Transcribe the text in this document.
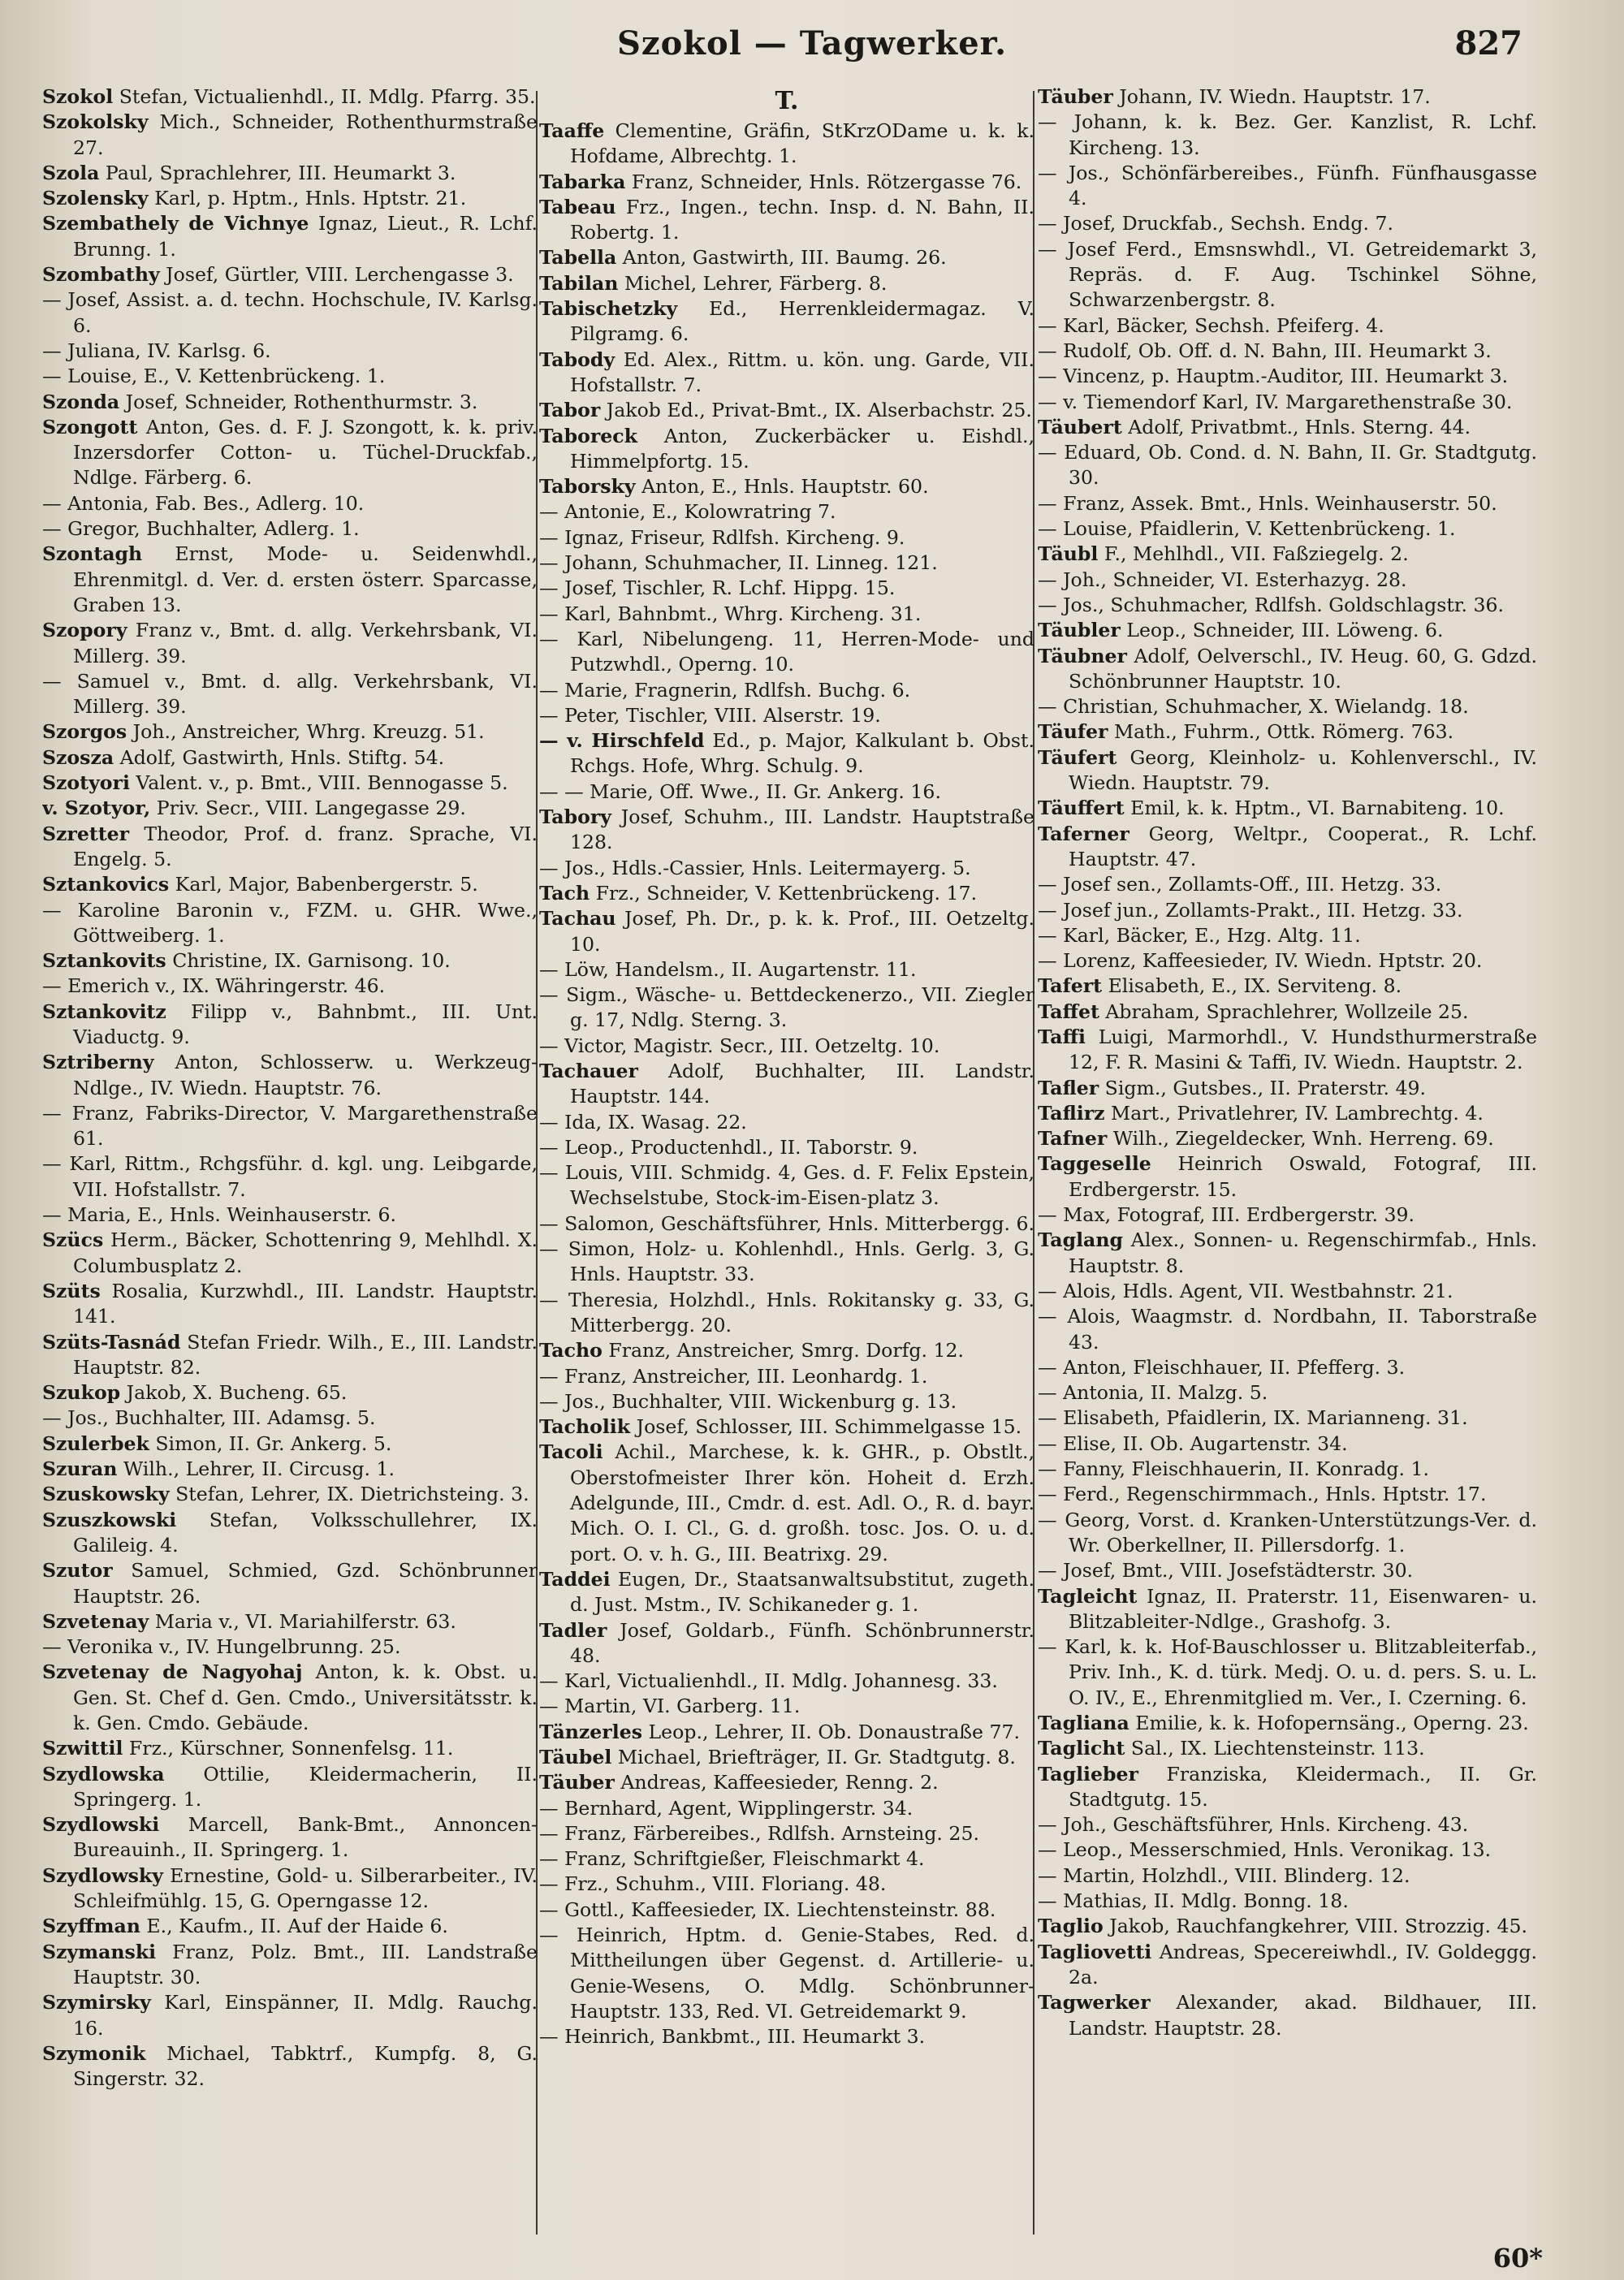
Szokol — Tagwerker.	827
Szokol Stefan, Victualienhdl., II. Mdlg. Pfarrg. 35.
Szokolsky Mich., Schneider, Rothenthurmstraße 27.
Szola Paul, Sprachlehrer, III. Heumarkt 3.
Szolensky Karl, p. Hptm., Hnls. Hptstr. 21.
Szembathely de Vichnye Ignaz, Lieut., R. Lchf. Brunng. 1.
Szombathy Josef, Gürtler, VIII. Lerchengasse 3.
— Josef, Assist. a. d. techn. Hochschule, IV. Karlsg. 6.
— Juliana, IV. Karlsg. 6.
— Louise, E., V. Kettenbrückeng. 1.
Szonda Josef, Schneider, Rothenthurmstr. 3.
Szongott Anton, Ges. d. F. J. Szongott, k. k. priv. Inzersdorfer Cotton- u. Tüchel-Druckfab., Ndlge. Färberg. 6.
— Antonia, Fab. Bes., Adlerg. 10.
— Gregor, Buchhalter, Adlerg. 1.
Szontagh Ernst, Mode- u. Seidenwhdl., Ehrenmitgl. d. Ver. d. ersten österr. Sparcasse, Graben 13.
Szopory Franz v., Bmt. d. allg. Verkehrsbank, VI. Millerg. 39.
— Samuel v., Bmt. d. allg. Verkehrsbank, VI. Millerg. 39.
Szorgos Joh., Anstreicher, Whrg. Kreuzg. 51.
Szosza Adolf, Gastwirth, Hnls. Stiftg. 54.
Szotyori Valent. v., p. Bmt., VIII. Bennogasse 5.
v. Szotyor, Priv. Secr., VIII. Langegasse 29.
Szretter Theodor, Prof. d. franz. Sprache, VI. Engelg. 5.
Sztankovics Karl, Major, Babenbergerstr. 5.
— Karoline Baronin v., FZM. u. GHR. Wwe., Göttweiberg. 1.
Sztankovits Christine, IX. Garnisong. 10.
— Emerich v., IX. Währingerstr. 46.
Sztankovitz Filipp v., Bahnbmt., III. Unt. Viaductg. 9.
Sztriberny Anton, Schlosserw. u. Werkzeug-Ndlge., IV. Wiedn. Hauptstr. 76.
— Franz, Fabriks-Director, V. Margarethenstraße 61.
— Karl, Rittm., Rchgsführ. d. kgl. ung. Leibgarde, VII. Hofstallstr. 7.
— Maria, E., Hnls. Weinhauserstr. 6.
Szücs Herm., Bäcker, Schottenring 9, Mehlhdl. X. Columbusplatz 2.
Szüts Rosalia, Kurzwhdl., III. Landstr. Hauptstr. 141.
Szüts-Tasnád Stefan Friedr. Wilh., E., III. Landstr. Hauptstr. 82.
Szukop Jakob, X. Bucheng. 65.
— Jos., Buchhalter, III. Adamsg. 5.
Szulerbek Simon, II. Gr. Ankerg. 5.
Szuran Wilh., Lehrer, II. Circusg. 1.
Szuskowsky Stefan, Lehrer, IX. Dietrichsteing. 3.
Szuszkowski Stefan, Volksschullehrer, IX. Galileig. 4.
Szutor Samuel, Schmied, Gzd. Schönbrunner Hauptstr. 26.
Szvetenay Maria v., VI. Mariahilferstr. 63.
— Veronika v., IV. Hungelbrunng. 25.
Szvetenay de Nagyohaj Anton, k. k. Obst. u. Gen. St. Chef d. Gen. Cmdo., Universitätsstr. k. k. Gen. Cmdo. Gebäude.
Szwittil Frz., Kürschner, Sonnenfelsg. 11.
Szydlowska Ottilie, Kleidermacherin, II. Springerg. 1.
Szydlowski Marcell, Bank-Bmt., Annoncen-Bureauinh., II. Springerg. 1.
Szydlowsky Ernestine, Gold- u. Silberarbeiter., IV. Schleifmühlg. 15, G. Operngasse 12.
Szyffman E., Kaufm., II. Auf der Haide 6.
Szymanski Franz, Polz. Bmt., III. Landstraße Hauptstr. 30.
Szymirsky Karl, Einspänner, II. Mdlg. Rauchg. 16.
Szymonik Michael, Tabktrf., Kumpfg. 8, G. Singerstr. 32.
T.
Taaffe Clementine, Gräfin, StKrzODame u. k. k. Hofdame, Albrechtg. 1.
Tabarka Franz, Schneider, Hnls. Rötzergasse 76.
Tabeau Frz., Ingen., techn. Insp. d. N. Bahn, II. Robertg. 1.
Tabella Anton, Gastwirth, III. Baumg. 26.
Tabilan Michel, Lehrer, Färberg. 8.
Tabischetzky Ed., Herrenkleidermagaz. V. Pilgramg. 6.
Tabody Ed. Alex., Rittm. u. kön. ung. Garde, VII. Hofstallstr. 7.
Tabor Jakob Ed., Privat-Bmt., IX. Alserbachstr. 25.
Taboreck Anton, Zuckerbäcker u. Eishdl., Himmelpfortg. 15.
Taborsky Anton, E., Hnls. Hauptstr. 60.
— Antonie, E., Kolowratring 7.
— Ignaz, Friseur, Rdlfsh. Kircheng. 9.
— Johann, Schuhmacher, II. Linneg. 121.
— Josef, Tischler, R. Lchf. Hippg. 15.
— Karl, Bahnbmt., Whrg. Kircheng. 31.
— Karl, Nibelungeng. 11, Herren-Mode- und Putzwhdl., Operng. 10.
— Marie, Fragnerin, Rdlfsh. Buchg. 6.
— Peter, Tischler, VIII. Alserstr. 19.
— v. Hirschfeld Ed., p. Major, Kalkulant b. Obst. Rchgs. Hofe, Whrg. Schulg. 9.
— — Marie, Off. Wwe., II. Gr. Ankerg. 16.
Tabory Josef, Schuhm., III. Landstr. Hauptstraße 128.
— Jos., Hdls.-Cassier, Hnls. Leitermayerg. 5.
Tach Frz., Schneider, V. Kettenbrückeng. 17.
Tachau Josef, Ph. Dr., p. k. k. Prof., III. Oetzeltg. 10.
— Löw, Handelsm., II. Augartenstr. 11.
— Sigm., Wäsche- u. Bettdeckenerzo., VII. Ziegler g. 17, Ndlg. Sterng. 3.
— Victor, Magistr. Secr., III. Oetzeltg. 10.
Tachauer Adolf, Buchhalter, III. Landstr. Hauptstr. 144.
— Ida, IX. Wasag. 22.
— Leop., Productenhdl., II. Taborstr. 9.
— Louis, VIII. Schmidg. 4, Ges. d. F. Felix Epstein, Wechselstube, Stock-im-Eisen-platz 3.
— Salomon, Geschäftsführer, Hnls. Mitterbergg. 6.
— Simon, Holz- u. Kohlenhdl., Hnls. Gerlg. 3, G. Hnls. Hauptstr. 33.
— Theresia, Holzhdl., Hnls. Rokitansky g. 33, G. Mitterbergg. 20.
Tacho Franz, Anstreicher, Smrg. Dorfg. 12.
— Franz, Anstreicher, III. Leonhardg. 1.
— Jos., Buchhalter, VIII. Wickenburg g. 13.
Tacholik Josef, Schlosser, III. Schimmelgasse 15.
Tacoli Achil., Marchese, k. k. GHR., p. Obstlt., Oberstofmeister Ihrer kön. Hoheit d. Erzh. Adelgunde, III., Cmdr. d. est. Adl. O., R. d. bayr. Mich. O. I. Cl., G. d. großh. tosc. Jos. O. u. d. port. O. v. h. G., III. Beatrixg. 29.
Taddei Eugen, Dr., Staatsanwaltsubstitut, zugeth. d. Just. Mstm., IV. Schikaneder g. 1.
Tadler Josef, Goldarb., Fünfh. Schönbrunnerstr. 48.
— Karl, Victualienhdl., II. Mdlg. Johannesg. 33.
— Martin, VI. Garberg. 11.
Tänzerles Leop., Lehrer, II. Ob. Donaustraße 77.
Täubel Michael, Briefträger, II. Gr. Stadtgutg. 8.
Täuber Andreas, Kaffeesieder, Renng. 2.
— Bernhard, Agent, Wipplingerstr. 34.
— Franz, Färbereibes., Rdlfsh. Arnsteing. 25.
— Franz, Schriftgießer, Fleischmarkt 4.
— Frz., Schuhm., VIII. Floriang. 48.
— Gottl., Kaffeesieder, IX. Liechtensteinstr. 88.
— Heinrich, Hptm. d. Genie-Stabes, Red. d. Mittheilungen über Gegenst. d. Artillerie- u. Genie-Wesens, O. Mdlg. Schönbrunner-Hauptstr. 133, Red. VI. Getreidemarkt 9.
— Heinrich, Bankbmt., III. Heumarkt 3.
Täuber Johann, IV. Wiedn. Hauptstr. 17.
— Johann, k. k. Bez. Ger. Kanzlist, R. Lchf. Kircheng. 13.
— Jos., Schönfärbereibes., Fünfh. Fünfhausgasse 4.
— Josef, Druckfab., Sechsh. Endg. 7.
— Josef Ferd., Emsnswhdl., VI. Getreidemarkt 3, Repräs. d. F. Aug. Tschinkel Söhne, Schwarzenbergstr. 8.
— Karl, Bäcker, Sechsh. Pfeiferg. 4.
— Rudolf, Ob. Off. d. N. Bahn, III. Heumarkt 3.
— Vincenz, p. Hauptm.-Auditor, III. Heumarkt 3.
— v. Tiemendorf Karl, IV. Margarethenstraße 30.
Täubert Adolf, Privatbmt., Hnls. Sterng. 44.
— Eduard, Ob. Cond. d. N. Bahn, II. Gr. Stadtgutg. 30.
— Franz, Assek. Bmt., Hnls. Weinhauserstr. 50.
— Louise, Pfaidlerin, V. Kettenbrückeng. 1.
Täubl F., Mehlhdl., VII. Faßziegelg. 2.
— Joh., Schneider, VI. Esterhazyg. 28.
— Jos., Schuhmacher, Rdlfsh. Goldschlagstr. 36.
Täubler Leop., Schneider, III. Löweng. 6.
Täubner Adolf, Oelverschl., IV. Heug. 60, G. Gdzd. Schönbrunner Hauptstr. 10.
— Christian, Schuhmacher, X. Wielandg. 18.
Täufer Math., Fuhrm., Ottk. Römerg. 763.
Täufert Georg, Kleinholz- u. Kohlenverschl., IV. Wiedn. Hauptstr. 79.
Täuffert Emil, k. k. Hptm., VI. Barnabiteng. 10.
Taferner Georg, Weltpr., Cooperat., R. Lchf. Hauptstr. 47.
— Josef sen., Zollamts-Off., III. Hetzg. 33.
— Josef jun., Zollamts-Prakt., III. Hetzg. 33.
— Karl, Bäcker, E., Hzg. Altg. 11.
— Lorenz, Kaffeesieder, IV. Wiedn. Hptstr. 20.
Tafert Elisabeth, E., IX. Serviteng. 8.
Taffet Abraham, Sprachlehrer, Wollzeile 25.
Taffi Luigi, Marmorhdl., V. Hundsthurmerstraße 12, F. R. Masini & Taffi, IV. Wiedn. Hauptstr. 2.
Tafler Sigm., Gutsbes., II. Praterstr. 49.
Taflirz Mart., Privatlehrer, IV. Lambrechtg. 4.
Tafner Wilh., Ziegeldecker, Wnh. Herreng. 69.
Taggeselle Heinrich Oswald, Fotograf, III. Erdbergerstr. 15.
— Max, Fotograf, III. Erdbergerstr. 39.
Taglang Alex., Sonnen- u. Regenschirmfab., Hnls. Hauptstr. 8.
— Alois, Hdls. Agent, VII. Westbahnstr. 21.
— Alois, Waagmstr. d. Nordbahn, II. Taborstraße 43.
— Anton, Fleischhauer, II. Pfefferg. 3.
— Antonia, II. Malzg. 5.
— Elisabeth, Pfaidlerin, IX. Marianneng. 31.
— Elise, II. Ob. Augartenstr. 34.
— Fanny, Fleischhauerin, II. Konradg. 1.
— Ferd., Regenschirmmach., Hnls. Hptstr. 17.
— Georg, Vorst. d. Kranken-Unterstützungs-Ver. d. Wr. Oberkellner, II. Pillersdorfg. 1.
— Josef, Bmt., VIII. Josefstädterstr. 30.
Tagleicht Ignaz, II. Praterstr. 11, Eisenwaren- u. Blitzableiter-Ndlge., Grashofg. 3.
— Karl, k. k. Hof-Bauschlosser u. Blitzableiterfab., Priv. Inh., K. d. türk. Medj. O. u. d. pers. S. u. L. O. IV., E., Ehrenmitglied m. Ver., I. Czerning. 6.
Tagliana Emilie, k. k. Hofopernsäng., Operng. 23.
Taglicht Sal., IX. Liechtensteinstr. 113.
Taglieber Franziska, Kleidermach., II. Gr. Stadtgutg. 15.
— Joh., Geschäftsführer, Hnls. Kircheng. 43.
— Leop., Messerschmied, Hnls. Veronikag. 13.
— Martin, Holzhdl., VIII. Blinderg. 12.
— Mathias, II. Mdlg. Bonng. 18.
Taglio Jakob, Rauchfangkehrer, VIII. Strozzig. 45.
Tagliovetti Andreas, Specereiwhdl., IV. Goldeggg. 2a.
Tagwerker Alexander, akad. Bildhauer, III. Landstr. Hauptstr. 28.
60*
